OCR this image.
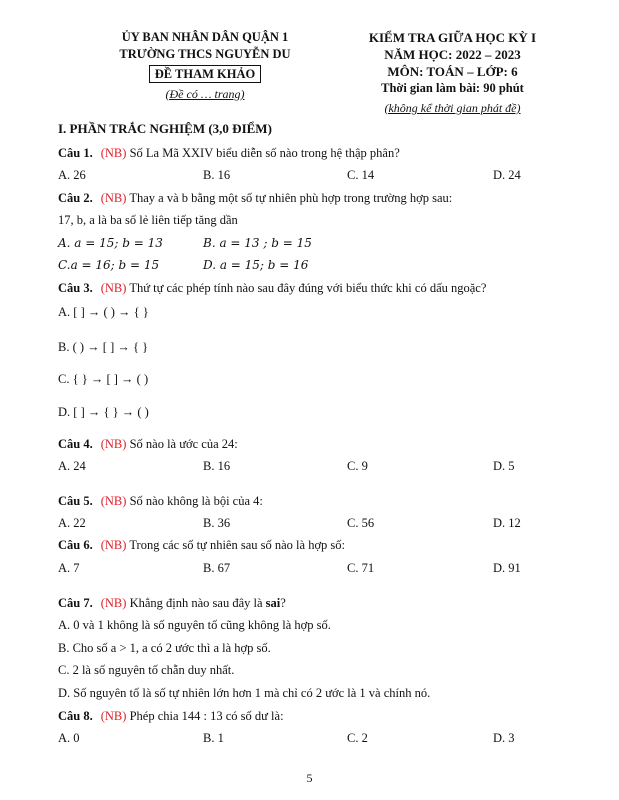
ỦY BAN NHÂN DÂN QUẬN 1
TRƯỜNG THCS NGUYỄN DU
ĐỀ THAM KHẢO
(Đề có … trang)
KIỂM TRA GIỮA HỌC KỲ I
NĂM HỌC: 2022 – 2023
MÔN: TOÁN – LỚP: 6
Thời gian làm bài: 90 phút
(không kể thời gian phát đề)
I. PHẦN TRẮC NGHIỆM (3,0 ĐIỂM)
Câu 1. (NB) Số La Mã XXIV biểu diễn số nào trong hệ thập phân?
A. 26	B. 16	C. 14	D. 24
Câu 2. (NB) Thay a và b bằng một số tự nhiên phù hợp trong trường hợp sau:
17, b, a là ba số lẻ liên tiếp tăng dần
A. a = 15; b = 13	B. a = 13 ; b = 15
C.a = 16; b = 15	D. a = 15; b = 16
Câu 3. (NB) Thứ tự các phép tính nào sau đây đúng với biểu thức khi có dấu ngoặc?
A. [ ] → ( ) → { }
B. ( ) → [ ] → { }
C. { } → [ ] → ( )
D. [ ] → { } → ( )
Câu 4. (NB) Số nào là ước của 24:
A. 24	B. 16	C. 9	D. 5
Câu 5. (NB) Số nào không là bội của 4:
A. 22	B. 36	C. 56	D. 12
Câu 6. (NB) Trong các số tự nhiên sau số nào là hợp số:
A. 7	B. 67	C. 71	D. 91
Câu 7. (NB) Khẳng định nào sau đây là sai?
A. 0 và 1 không là số nguyên tố cũng không là hợp số.
B. Cho số a > 1, a có 2 ước thì a là hợp số.
C. 2 là số nguyên tố chẵn duy nhất.
D. Số nguyên tố là số tự nhiên lớn hơn 1 mà chỉ có 2 ước là 1 và chính nó.
Câu 8. (NB) Phép chia 144 : 13 có số dư là:
A. 0	B. 1	C. 2	D. 3
5
